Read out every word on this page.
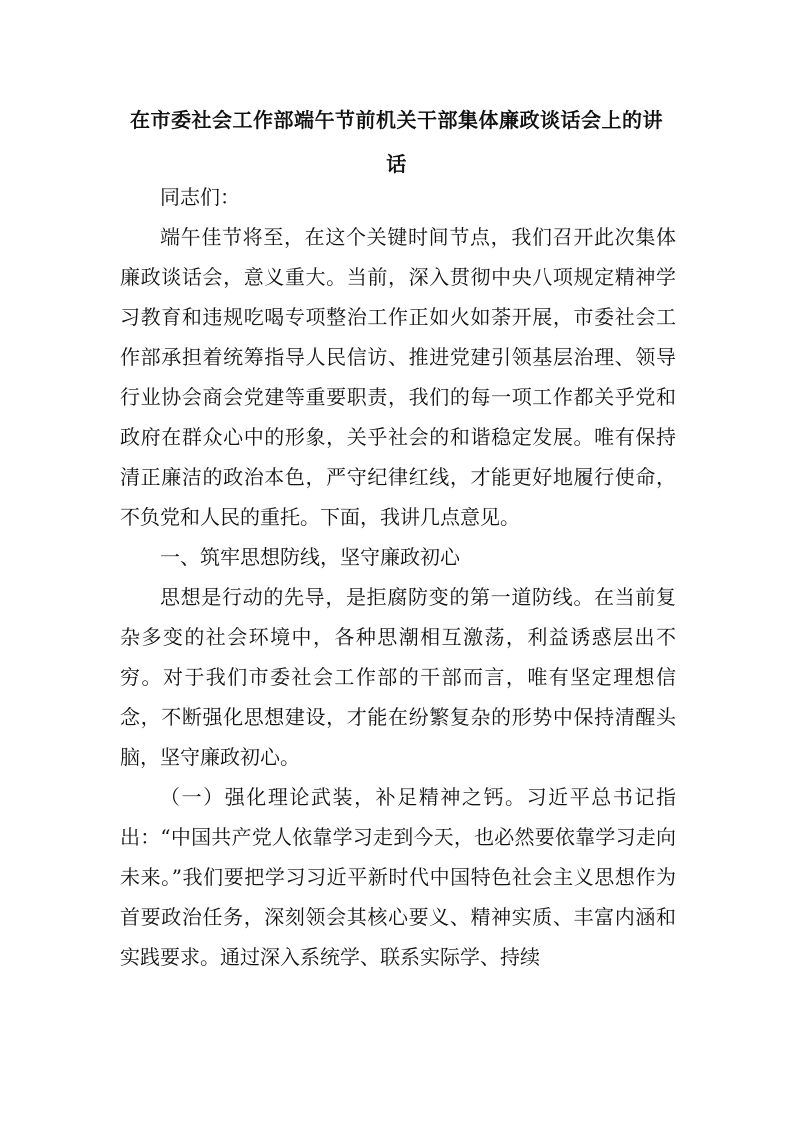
在市委社会工作部端午节前机关干部集体廉政谈话会上的讲话

同志们：

端午佳节将至，在这个关键时间节点，我们召开此次集体廉政谈话会，意义重大。当前，深入贯彻中央八项规定精神学习教育和违规吃喝专项整治工作正如火如荼开展，市委社会工作部承担着统筹指导人民信访、推进党建引领基层治理、领导行业协会商会党建等重要职责，我们的每一项工作都关乎党和政府在群众心中的形象，关乎社会的和谐稳定发展。唯有保持清正廉洁的政治本色，严守纪律红线，才能更好地履行使命，不负党和人民的重托。下面，我讲几点意见。

一、筑牢思想防线，坚守廉政初心

思想是行动的先导，是拒腐防变的第一道防线。在当前复杂多变的社会环境中，各种思潮相互激荡，利益诱惑层出不穷。对于我们市委社会工作部的干部而言，唯有坚定理想信念，不断强化思想建设，才能在纷繁复杂的形势中保持清醒头脑，坚守廉政初心。

（一）强化理论武装，补足精神之钙。习近平总书记指出：“中国共产党人依靠学习走到今天，也必然要依靠学习走向未来。”我们要把学习习近平新时代中国特色社会主义思想作为首要政治任务，深刻领会其核心要义、精神实质、丰富内涵和实践要求。通过深入系统学、联系实际学、持续
